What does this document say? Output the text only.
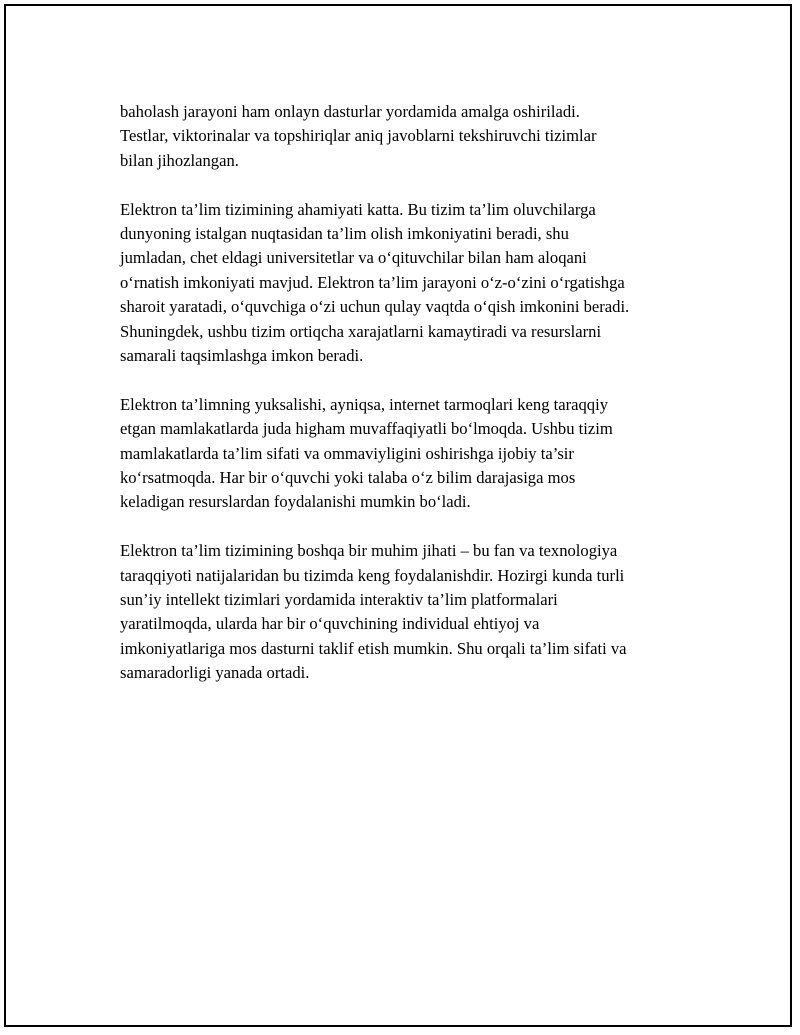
baholash jarayoni ham onlayn dasturlar yordamida amalga oshiriladi.
Testlar, viktorinalar va topshiriqlar aniq javoblarni tekshiruvchi tizimlar
bilan jihozlangan.

Elektron ta’lim tizimining ahamiyati katta. Bu tizim ta’lim oluvchilarga
dunyoning istalgan nuqtasidan ta’lim olish imkoniyatini beradi, shu
jumladan, chet eldagi universitetlar va o‘qituvchilar bilan ham aloqani
o‘rnatish imkoniyati mavjud. Elektron ta’lim jarayoni o‘z-o‘zini o‘rgatishga
sharoit yaratadi, o‘quvchiga o‘zi uchun qulay vaqtda o‘qish imkonini beradi.
Shuningdek, ushbu tizim ortiqcha xarajatlarni kamaytiradi va resurslarni
samarali taqsimlashga imkon beradi.

Elektron ta’limning yuksalishi, ayniqsa, internet tarmoqlari keng taraqqiy
etgan mamlakatlarda juda higham muvaffaqiyatli bo‘lmoqda. Ushbu tizim
mamlakatlarda ta’lim sifati va ommaviyligini oshirishga ijobiy ta’sir
ko‘rsatmoqda. Har bir o‘quvchi yoki talaba o‘z bilim darajasiga mos
keladigan resurslardan foydalanishi mumkin bo‘ladi.

Elektron ta’lim tizimining boshqa bir muhim jihati – bu fan va texnologiya
taraqqiyoti natijalaridan bu tizimda keng foydalanishdir. Hozirgi kunda turli
sun’iy intellekt tizimlari yordamida interaktiv ta’lim platformalari
yaratilmoqda, ularda har bir o‘quvchining individual ehtiyoj va
imkoniyatlariga mos dasturni taklif etish mumkin. Shu orqali ta’lim sifati va
samaradorligi yanada ortadi.
